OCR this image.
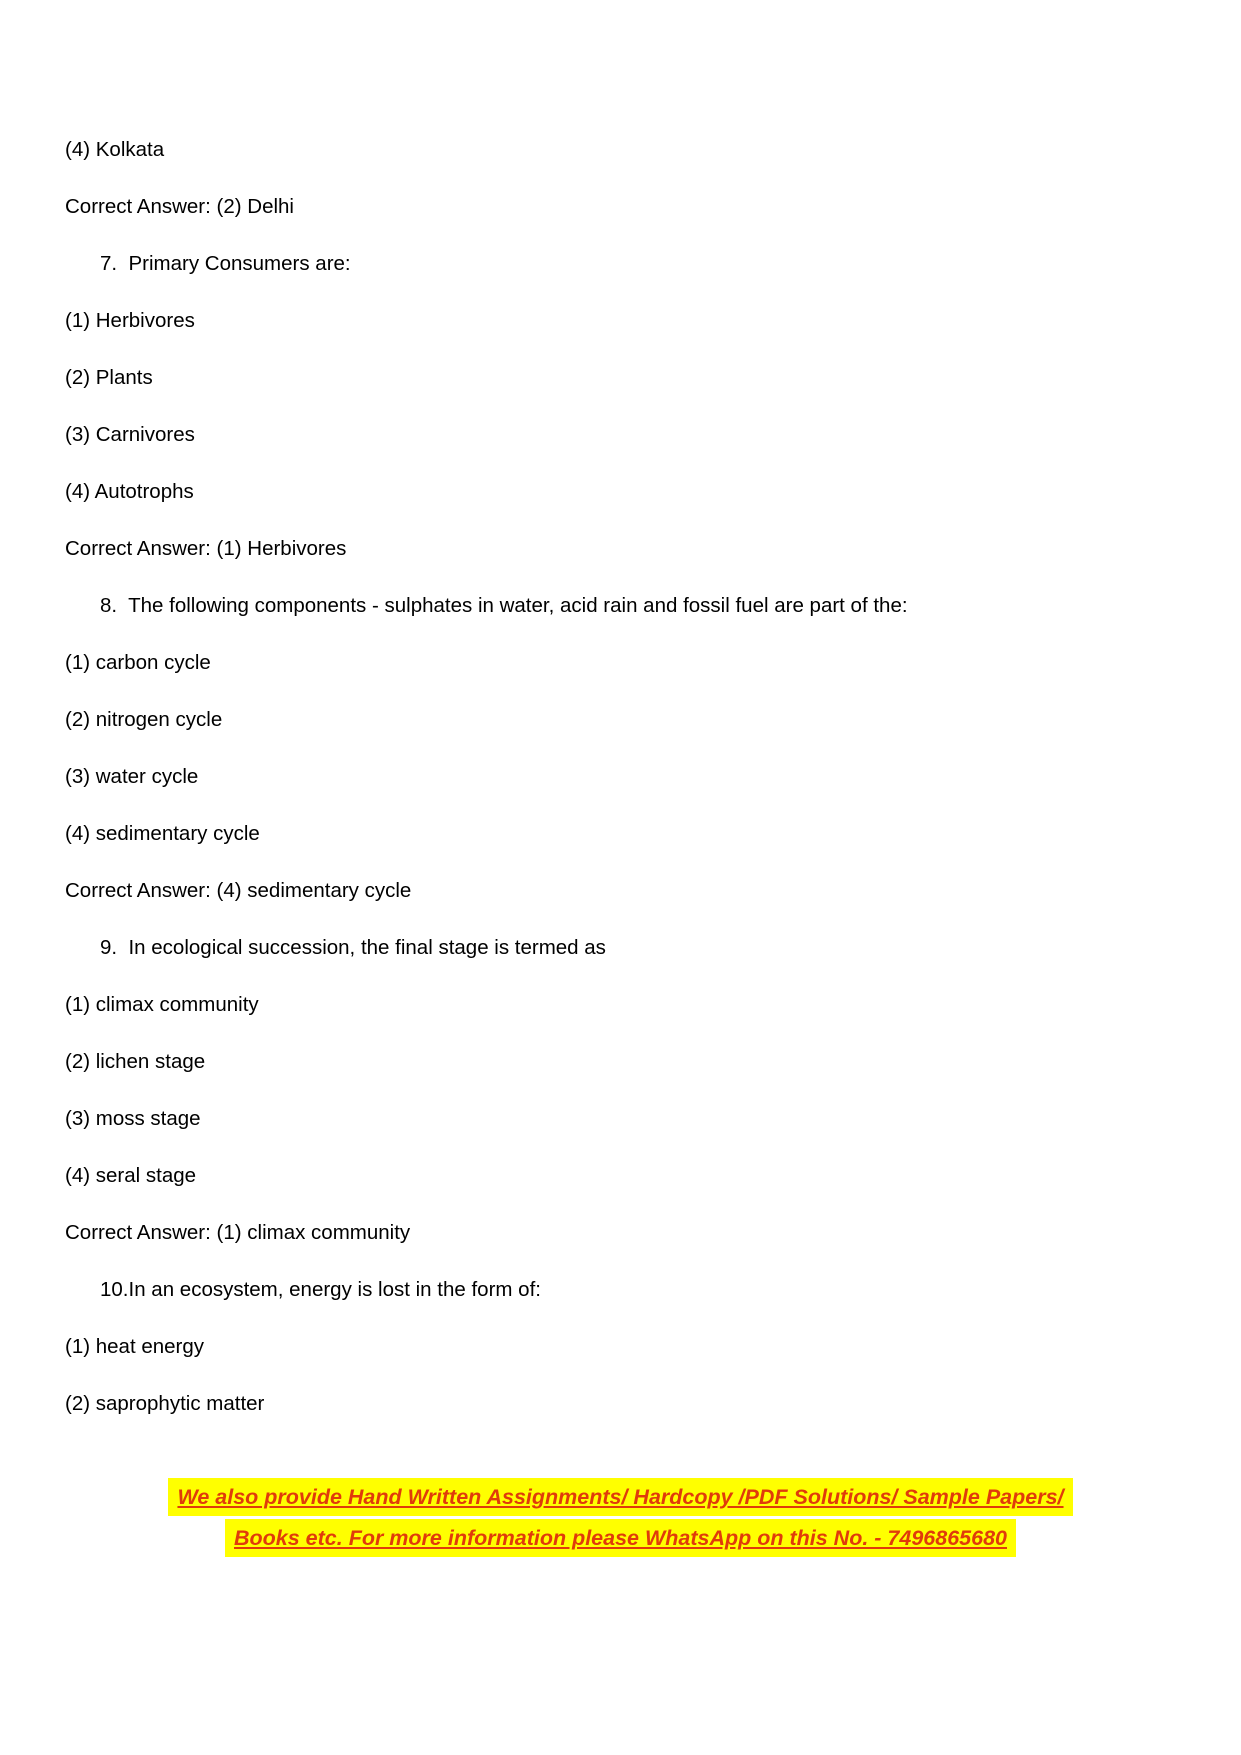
(4) Kolkata

Correct Answer: (2) Delhi

7.  Primary Consumers are:

(1) Herbivores

(2) Plants

(3) Carnivores

(4) Autotrophs

Correct Answer: (1) Herbivores

8.  The following components - sulphates in water, acid rain and fossil fuel are part of the:

(1) carbon cycle

(2) nitrogen cycle

(3) water cycle

(4) sedimentary cycle

Correct Answer: (4) sedimentary cycle

9.  In ecological succession, the final stage is termed as

(1) climax community

(2) lichen stage

(3) moss stage

(4) seral stage

Correct Answer: (1) climax community

10.In an ecosystem, energy is lost in the form of:

(1) heat energy

(2) saprophytic matter

We also provide Hand Written Assignments/ Hardcopy /PDF Solutions/ Sample Papers/
Books etc. For more information please WhatsApp on this No. - 7496865680
